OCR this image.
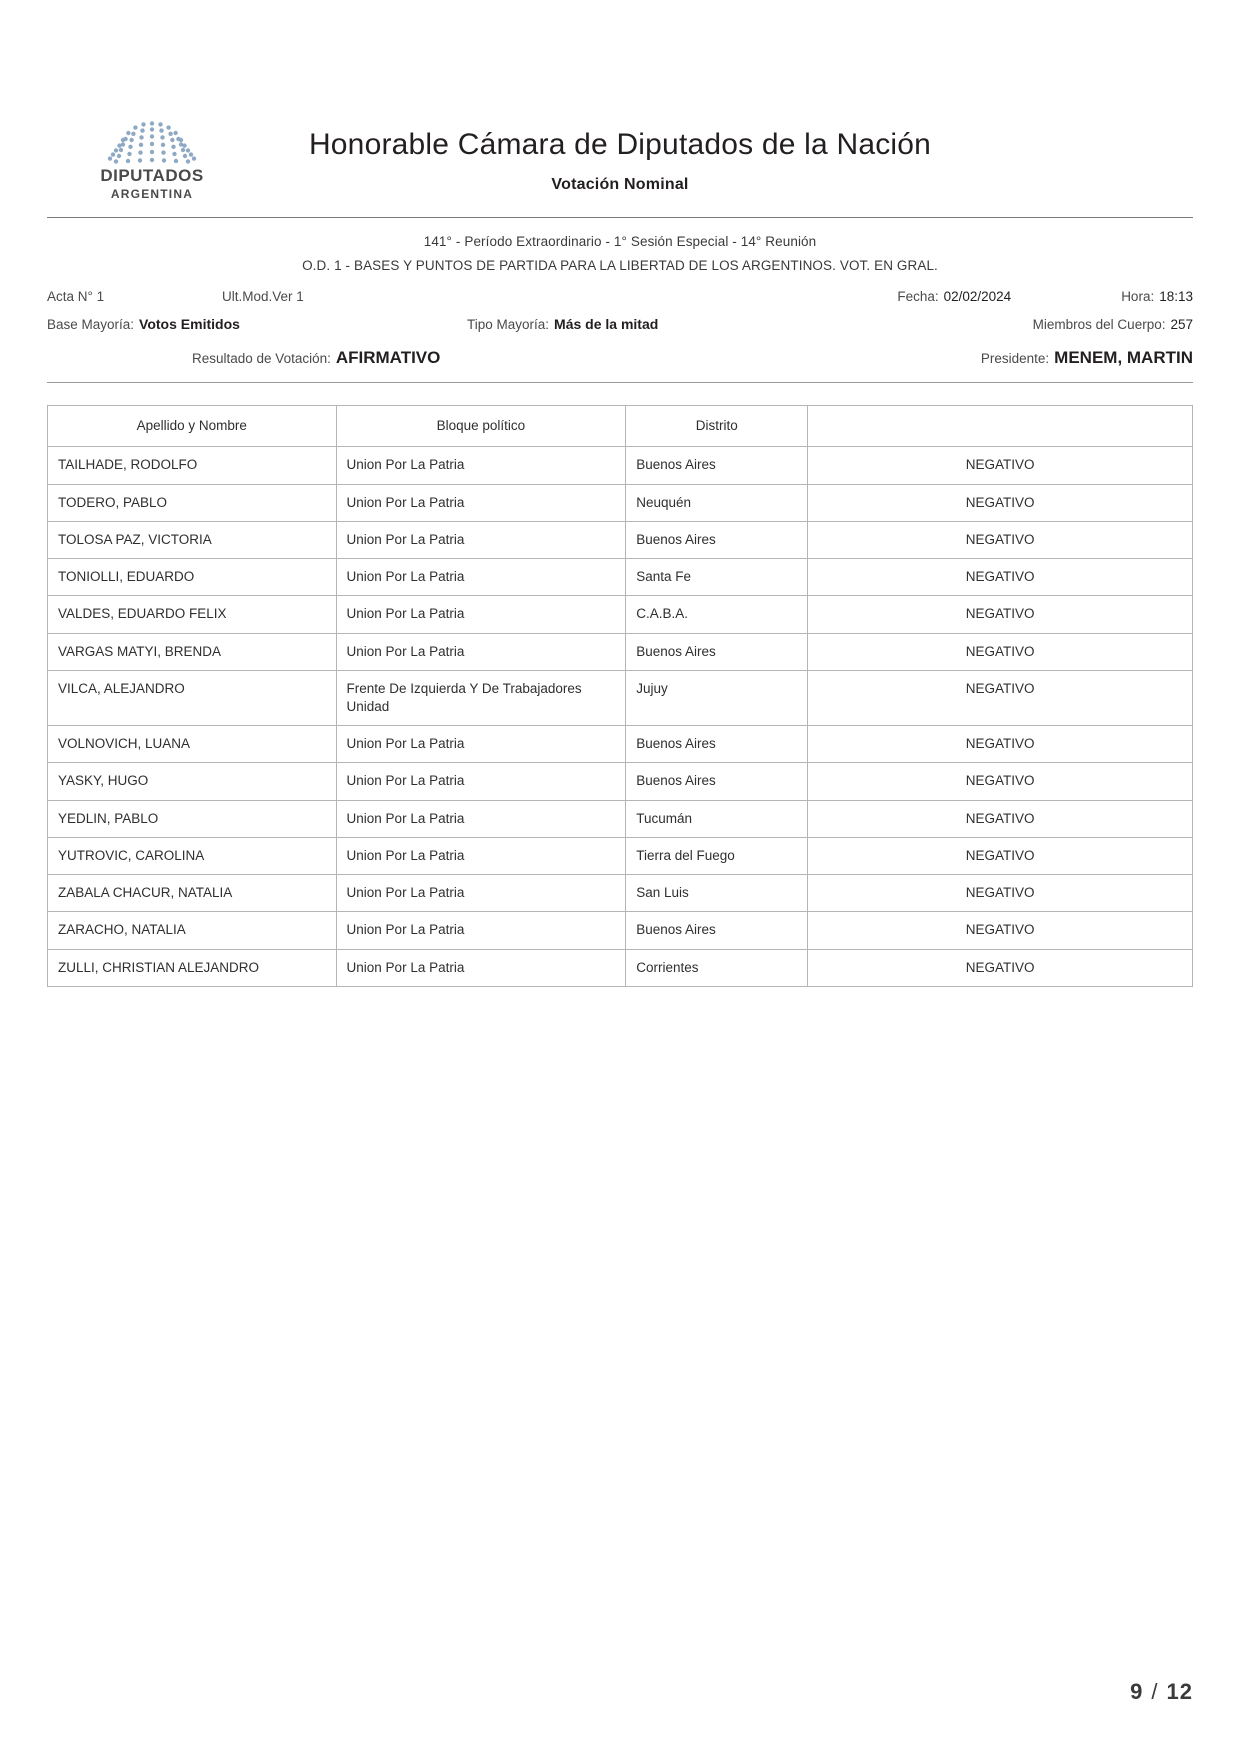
DIPUTADOS
ARGENTINA
Honorable Cámara de Diputados de la Nación
Votación Nominal
141° - Período Extraordinario - 1° Sesión Especial - 14° Reunión
O.D. 1 - BASES Y PUNTOS DE PARTIDA PARA LA LIBERTAD DE LOS ARGENTINOS. VOT. EN GRAL.
Acta N° 1	Ult.Mod.Ver 1	Fecha: 02/02/2024	Hora: 18:13
Base Mayoría: Votos Emitidos	Tipo Mayoría: Más de la mitad	Miembros del Cuerpo: 257
Resultado de Votación: AFIRMATIVO	Presidente: MENEM, MARTIN
Apellido y Nombre	Bloque político	Distrito	
TAILHADE, RODOLFO	Union Por La Patria	Buenos Aires	NEGATIVO
TODERO, PABLO	Union Por La Patria	Neuquén	NEGATIVO
TOLOSA PAZ, VICTORIA	Union Por La Patria	Buenos Aires	NEGATIVO
TONIOLLI, EDUARDO	Union Por La Patria	Santa Fe	NEGATIVO
VALDES, EDUARDO FELIX	Union Por La Patria	C.A.B.A.	NEGATIVO
VARGAS MATYI, BRENDA	Union Por La Patria	Buenos Aires	NEGATIVO
VILCA, ALEJANDRO	Frente De Izquierda Y De Trabajadores Unidad	Jujuy	NEGATIVO
VOLNOVICH, LUANA	Union Por La Patria	Buenos Aires	NEGATIVO
YASKY, HUGO	Union Por La Patria	Buenos Aires	NEGATIVO
YEDLIN, PABLO	Union Por La Patria	Tucumán	NEGATIVO
YUTROVIC, CAROLINA	Union Por La Patria	Tierra del Fuego	NEGATIVO
ZABALA CHACUR, NATALIA	Union Por La Patria	San Luis	NEGATIVO
ZARACHO, NATALIA	Union Por La Patria	Buenos Aires	NEGATIVO
ZULLI, CHRISTIAN ALEJANDRO	Union Por La Patria	Corrientes	NEGATIVO
9 / 12
